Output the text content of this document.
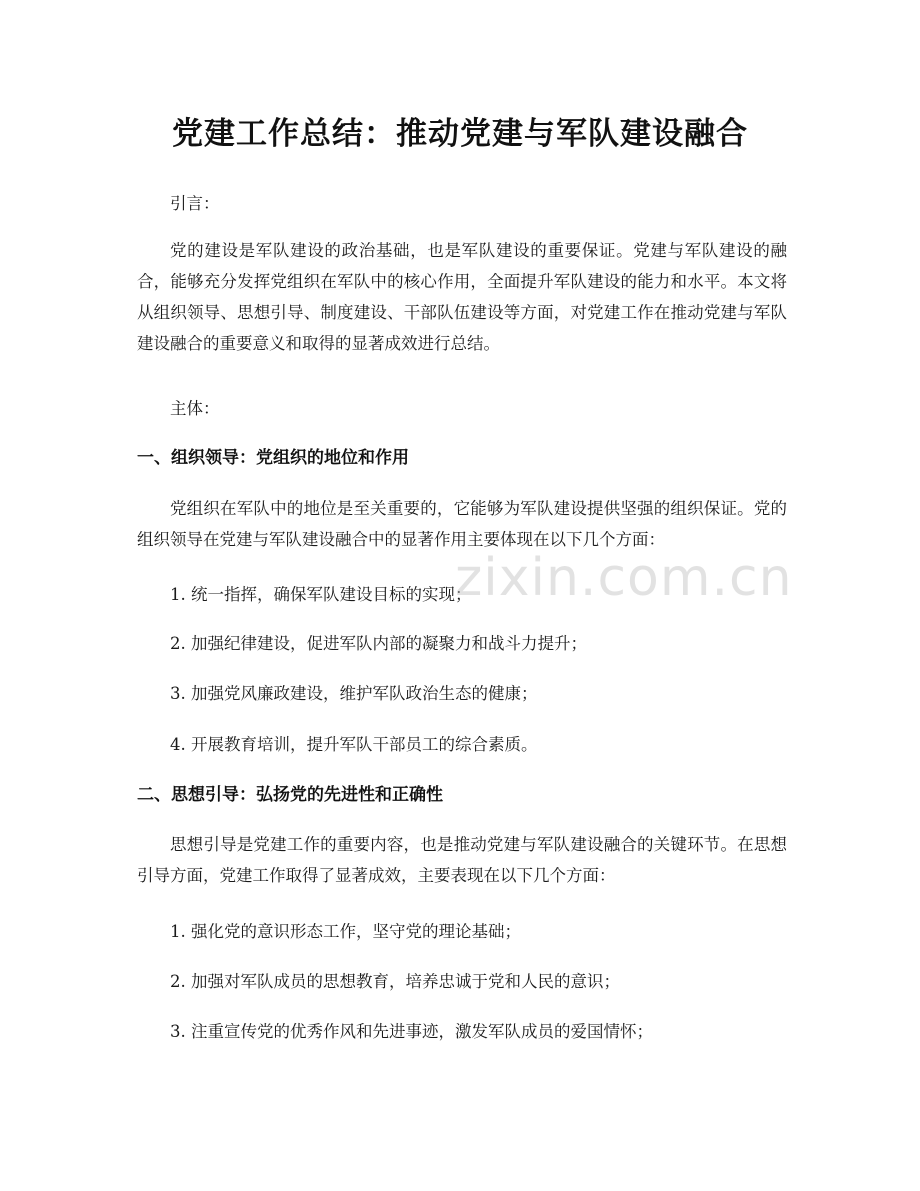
党建工作总结：推动党建与军队建设融合

引言：

党的建设是军队建设的政治基础，也是军队建设的重要保证。党建与军队建设的融合，能够充分发挥党组织在军队中的核心作用，全面提升军队建设的能力和水平。本文将从组织领导、思想引导、制度建设、干部队伍建设等方面，对党建工作在推动党建与军队建设融合的重要意义和取得的显著成效进行总结。

主体：

一、组织领导：党组织的地位和作用

党组织在军队中的地位是至关重要的，它能够为军队建设提供坚强的组织保证。党的组织领导在党建与军队建设融合中的显著作用主要体现在以下几个方面：

1. 统一指挥，确保军队建设目标的实现；

2. 加强纪律建设，促进军队内部的凝聚力和战斗力提升；

3. 加强党风廉政建设，维护军队政治生态的健康；

4. 开展教育培训，提升军队干部员工的综合素质。

二、思想引导：弘扬党的先进性和正确性

思想引导是党建工作的重要内容，也是推动党建与军队建设融合的关键环节。在思想引导方面，党建工作取得了显著成效，主要表现在以下几个方面：

1. 强化党的意识形态工作，坚守党的理论基础；

2. 加强对军队成员的思想教育，培养忠诚于党和人民的意识；

3. 注重宣传党的优秀作风和先进事迹，激发军队成员的爱国情怀；

zixin.com.cn
